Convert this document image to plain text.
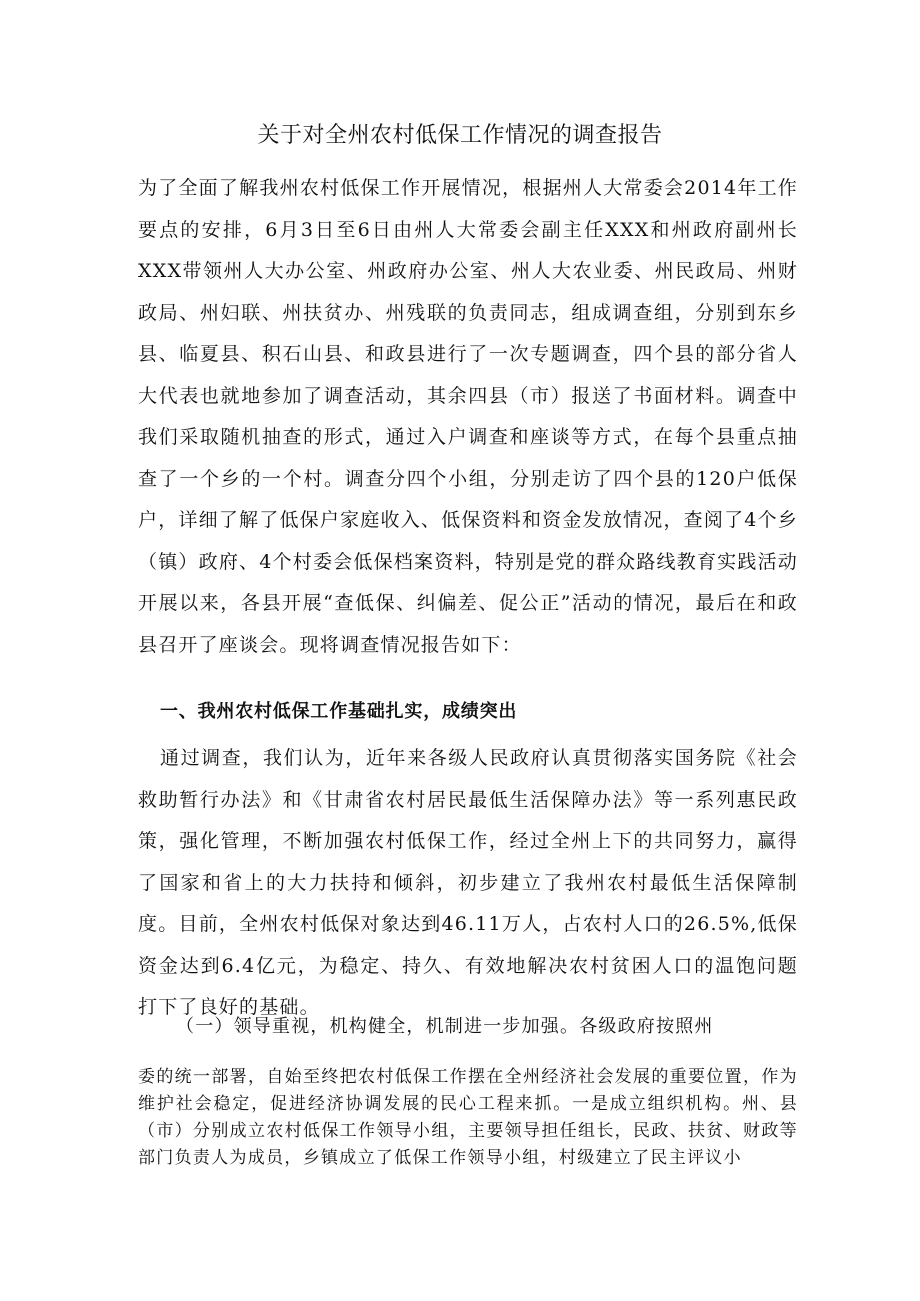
关于对全州农村低保工作情况的调查报告
为了全面了解我州农村低保工作开展情况，根据州人大常委会2014年工作要点的安排，6月3日至6日由州人大常委会副主任XXX和州政府副州长XXX带领州人大办公室、州政府办公室、州人大农业委、州民政局、州财政局、州妇联、州扶贫办、州残联的负责同志，组成调查组，分别到东乡县、临夏县、积石山县、和政县进行了一次专题调查，四个县的部分省人大代表也就地参加了调查活动，其余四县（市）报送了书面材料。调查中我们采取随机抽查的形式，通过入户调查和座谈等方式，在每个县重点抽查了一个乡的一个村。调查分四个小组，分别走访了四个县的120户低保户，详细了解了低保户家庭收入、低保资料和资金发放情况，查阅了4个乡（镇）政府、4个村委会低保档案资料，特别是党的群众路线教育实践活动开展以来，各县开展“查低保、纠偏差、促公正”活动的情况，最后在和政县召开了座谈会。现将调查情况报告如下：
一、我州农村低保工作基础扎实，成绩突出
通过调查，我们认为，近年来各级人民政府认真贯彻落实国务院《社会救助暂行办法》和《甘肃省农村居民最低生活保障办法》等一系列惠民政策，强化管理，不断加强农村低保工作，经过全州上下的共同努力，赢得了国家和省上的大力扶持和倾斜，初步建立了我州农村最低生活保障制度。目前，全州农村低保对象达到46.11万人，占农村人口的26.5%,低保资金达到6.4亿元，为稳定、持久、有效地解决农村贫困人口的温饱问题打下了良好的基础。
（一）领导重视，机构健全，机制进一步加强。各级政府按照州
委的统一部署，自始至终把农村低保工作摆在全州经济社会发展的重要位置，作为维护社会稳定，促进经济协调发展的民心工程来抓。一是成立组织机构。州、县（市）分别成立农村低保工作领导小组，主要领导担任组长，民政、扶贫、财政等部门负责人为成员，乡镇成立了低保工作领导小组，村级建立了民主评议小
